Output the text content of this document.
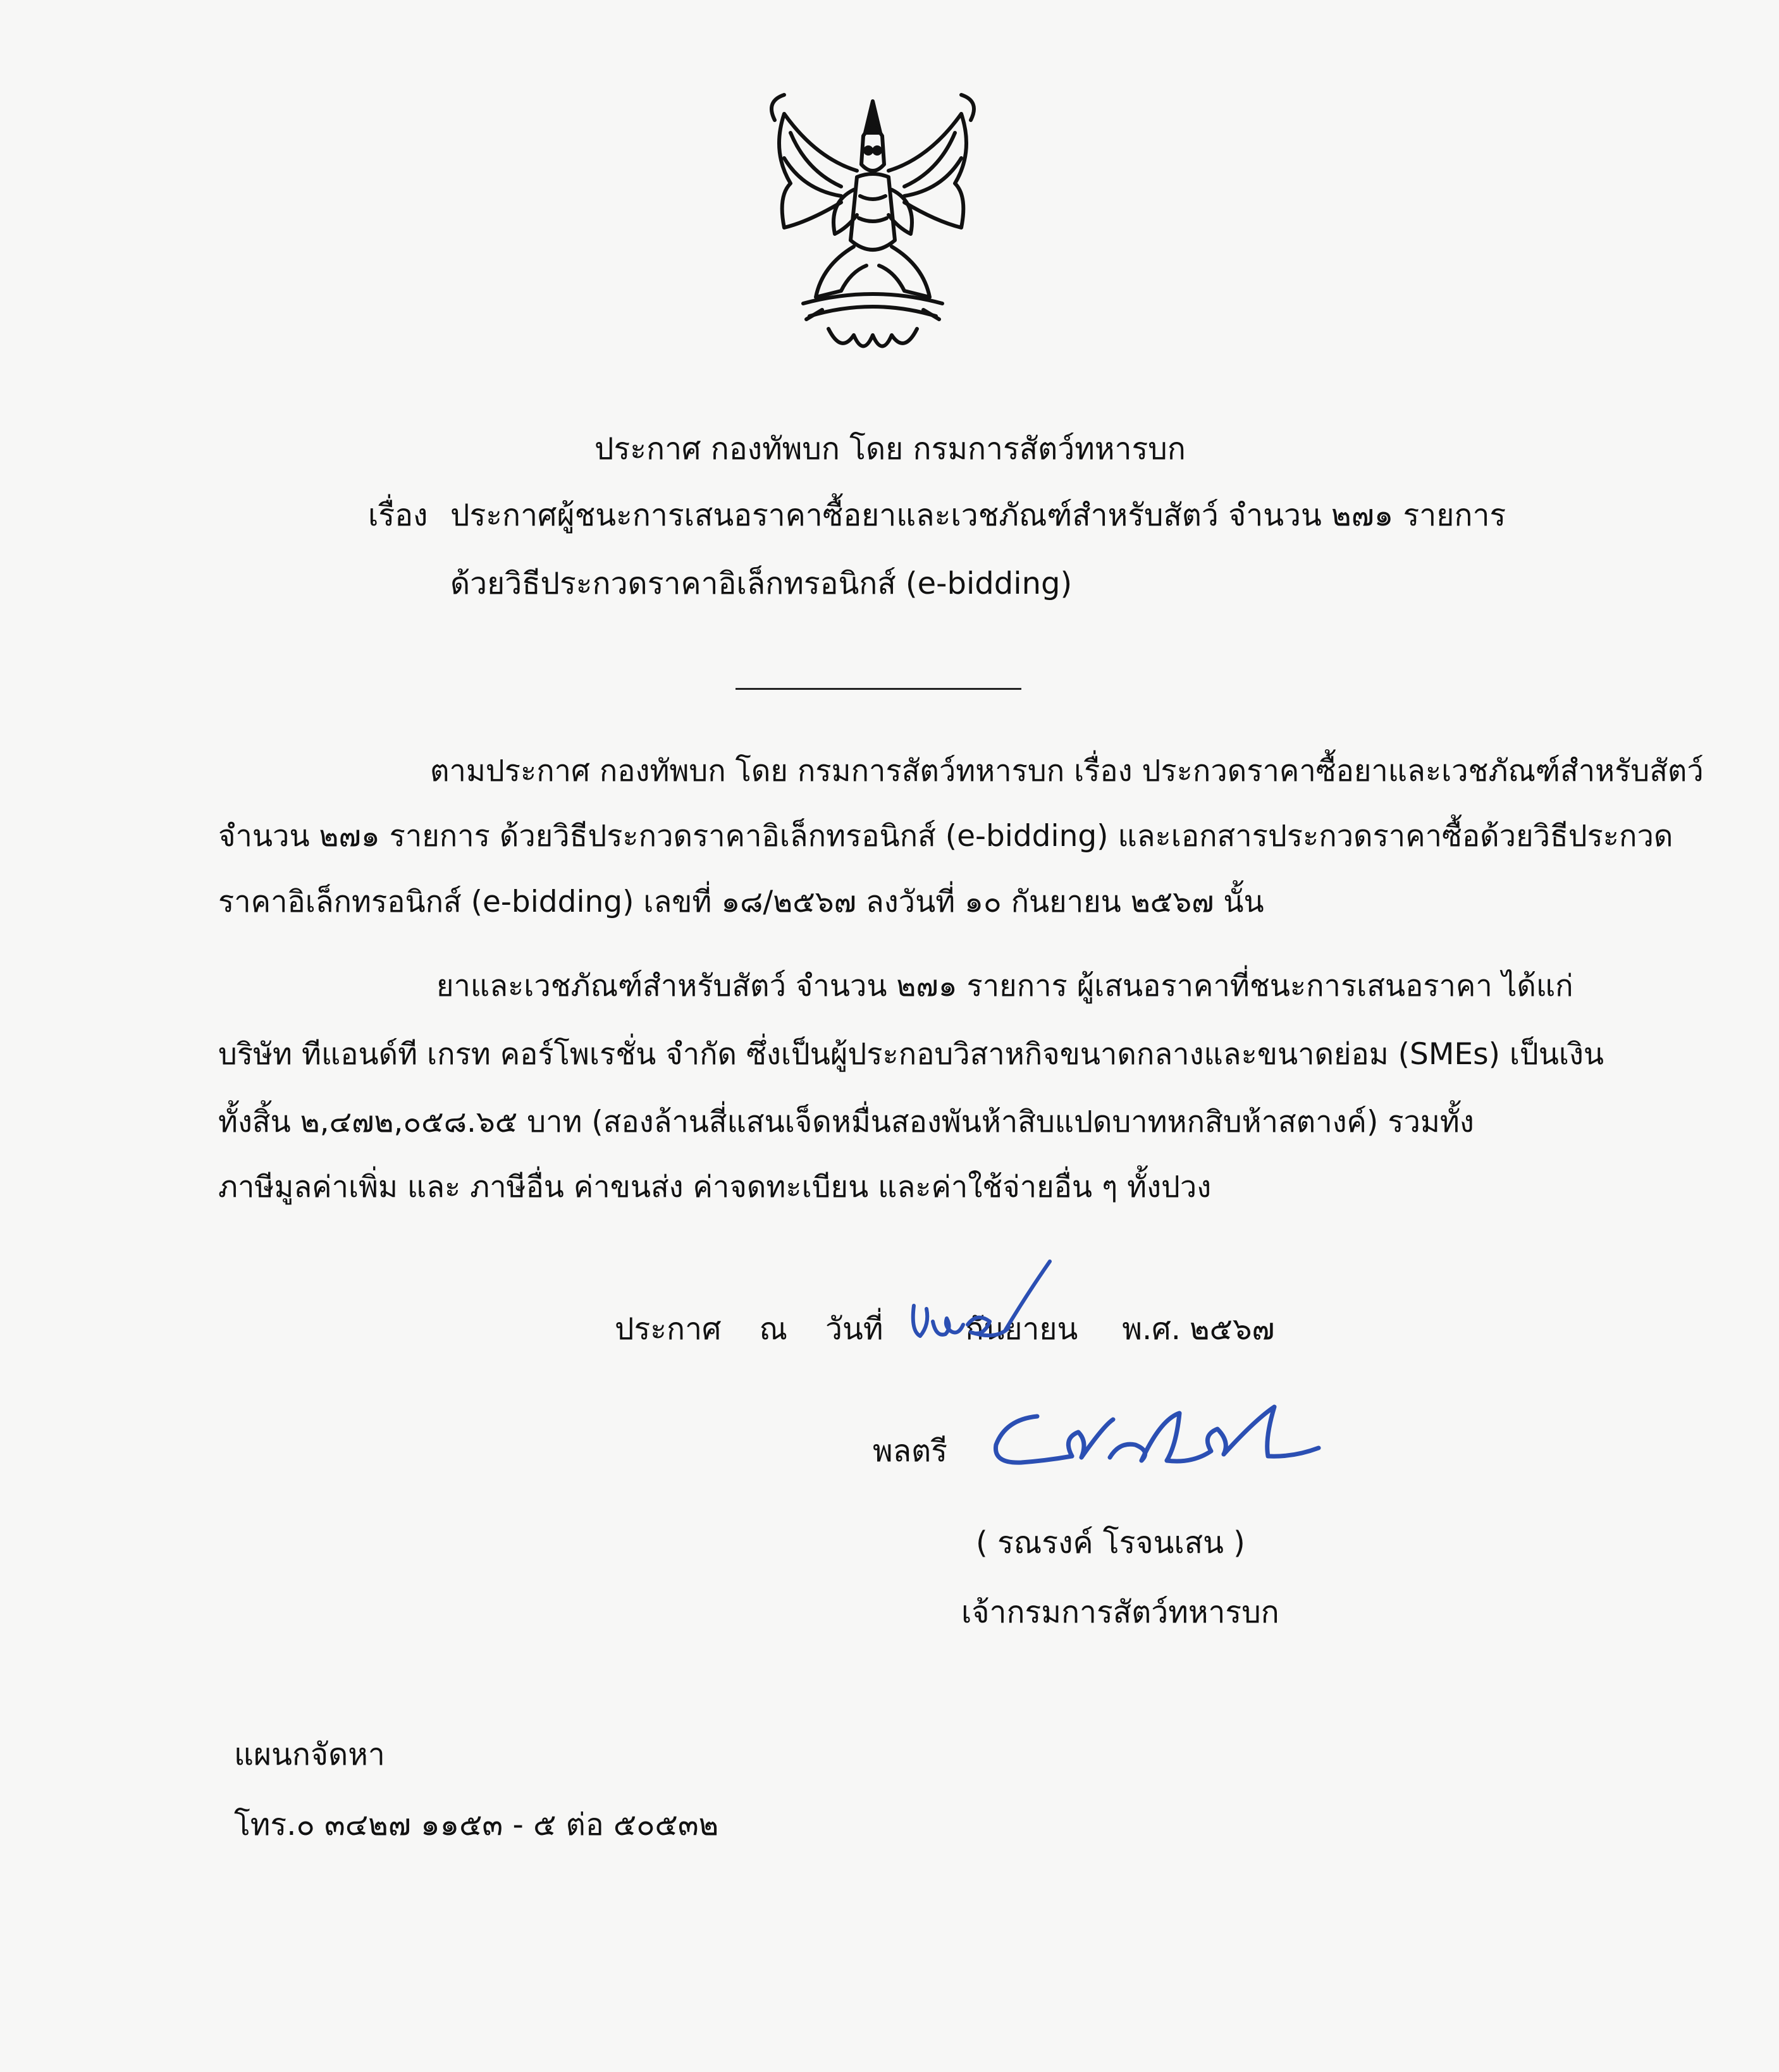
ประกาศ กองทัพบก โดย กรมการสัตว์ทหารบก
เรื่อง ประกาศผู้ชนะการเสนอราคาซื้อยาและเวชภัณฑ์สำหรับสัตว์ จำนวน ๒๗๑ รายการ
ด้วยวิธีประกวดราคาอิเล็กทรอนิกส์ (e-bidding)
ตามประกาศ กองทัพบก โดย กรมการสัตว์ทหารบก เรื่อง ประกวดราคาซื้อยาและเวชภัณฑ์สำหรับสัตว์
จำนวน ๒๗๑ รายการ ด้วยวิธีประกวดราคาอิเล็กทรอนิกส์ (e-bidding) และเอกสารประกวดราคาซื้อด้วยวิธีประกวด
ราคาอิเล็กทรอนิกส์ (e-bidding) เลขที่ ๑๘/๒๕๖๗ ลงวันที่ ๑๐ กันยายน ๒๕๖๗ นั้น
ยาและเวชภัณฑ์สำหรับสัตว์ จำนวน ๒๗๑ รายการ ผู้เสนอราคาที่ชนะการเสนอราคา ได้แก่
บริษัท ทีแอนด์ที เกรท คอร์โพเรชั่น จำกัด ซึ่งเป็นผู้ประกอบวิสาหกิจขนาดกลางและขนาดย่อม (SMEs) เป็นเงิน
ทั้งสิ้น ๒,๔๗๒,๐๕๘.๖๕ บาท (สองล้านสี่แสนเจ็ดหมื่นสองพันห้าสิบแปดบาทหกสิบห้าสตางค์) รวมทั้ง
ภาษีมูลค่าเพิ่ม และ ภาษีอื่น ค่าขนส่ง ค่าจดทะเบียน และค่าใช้จ่ายอื่น ๆ ทั้งปวง
ประกาศ ณ วันที่	กันยายน พ.ศ. ๒๕๖๗
พลตรี
( รณรงค์ โรจนเสน )
เจ้ากรมการสัตว์ทหารบก
แผนกจัดหา
โทร.๐ ๓๔๒๗ ๑๑๕๓ - ๕ ต่อ ๕๐๕๓๒
